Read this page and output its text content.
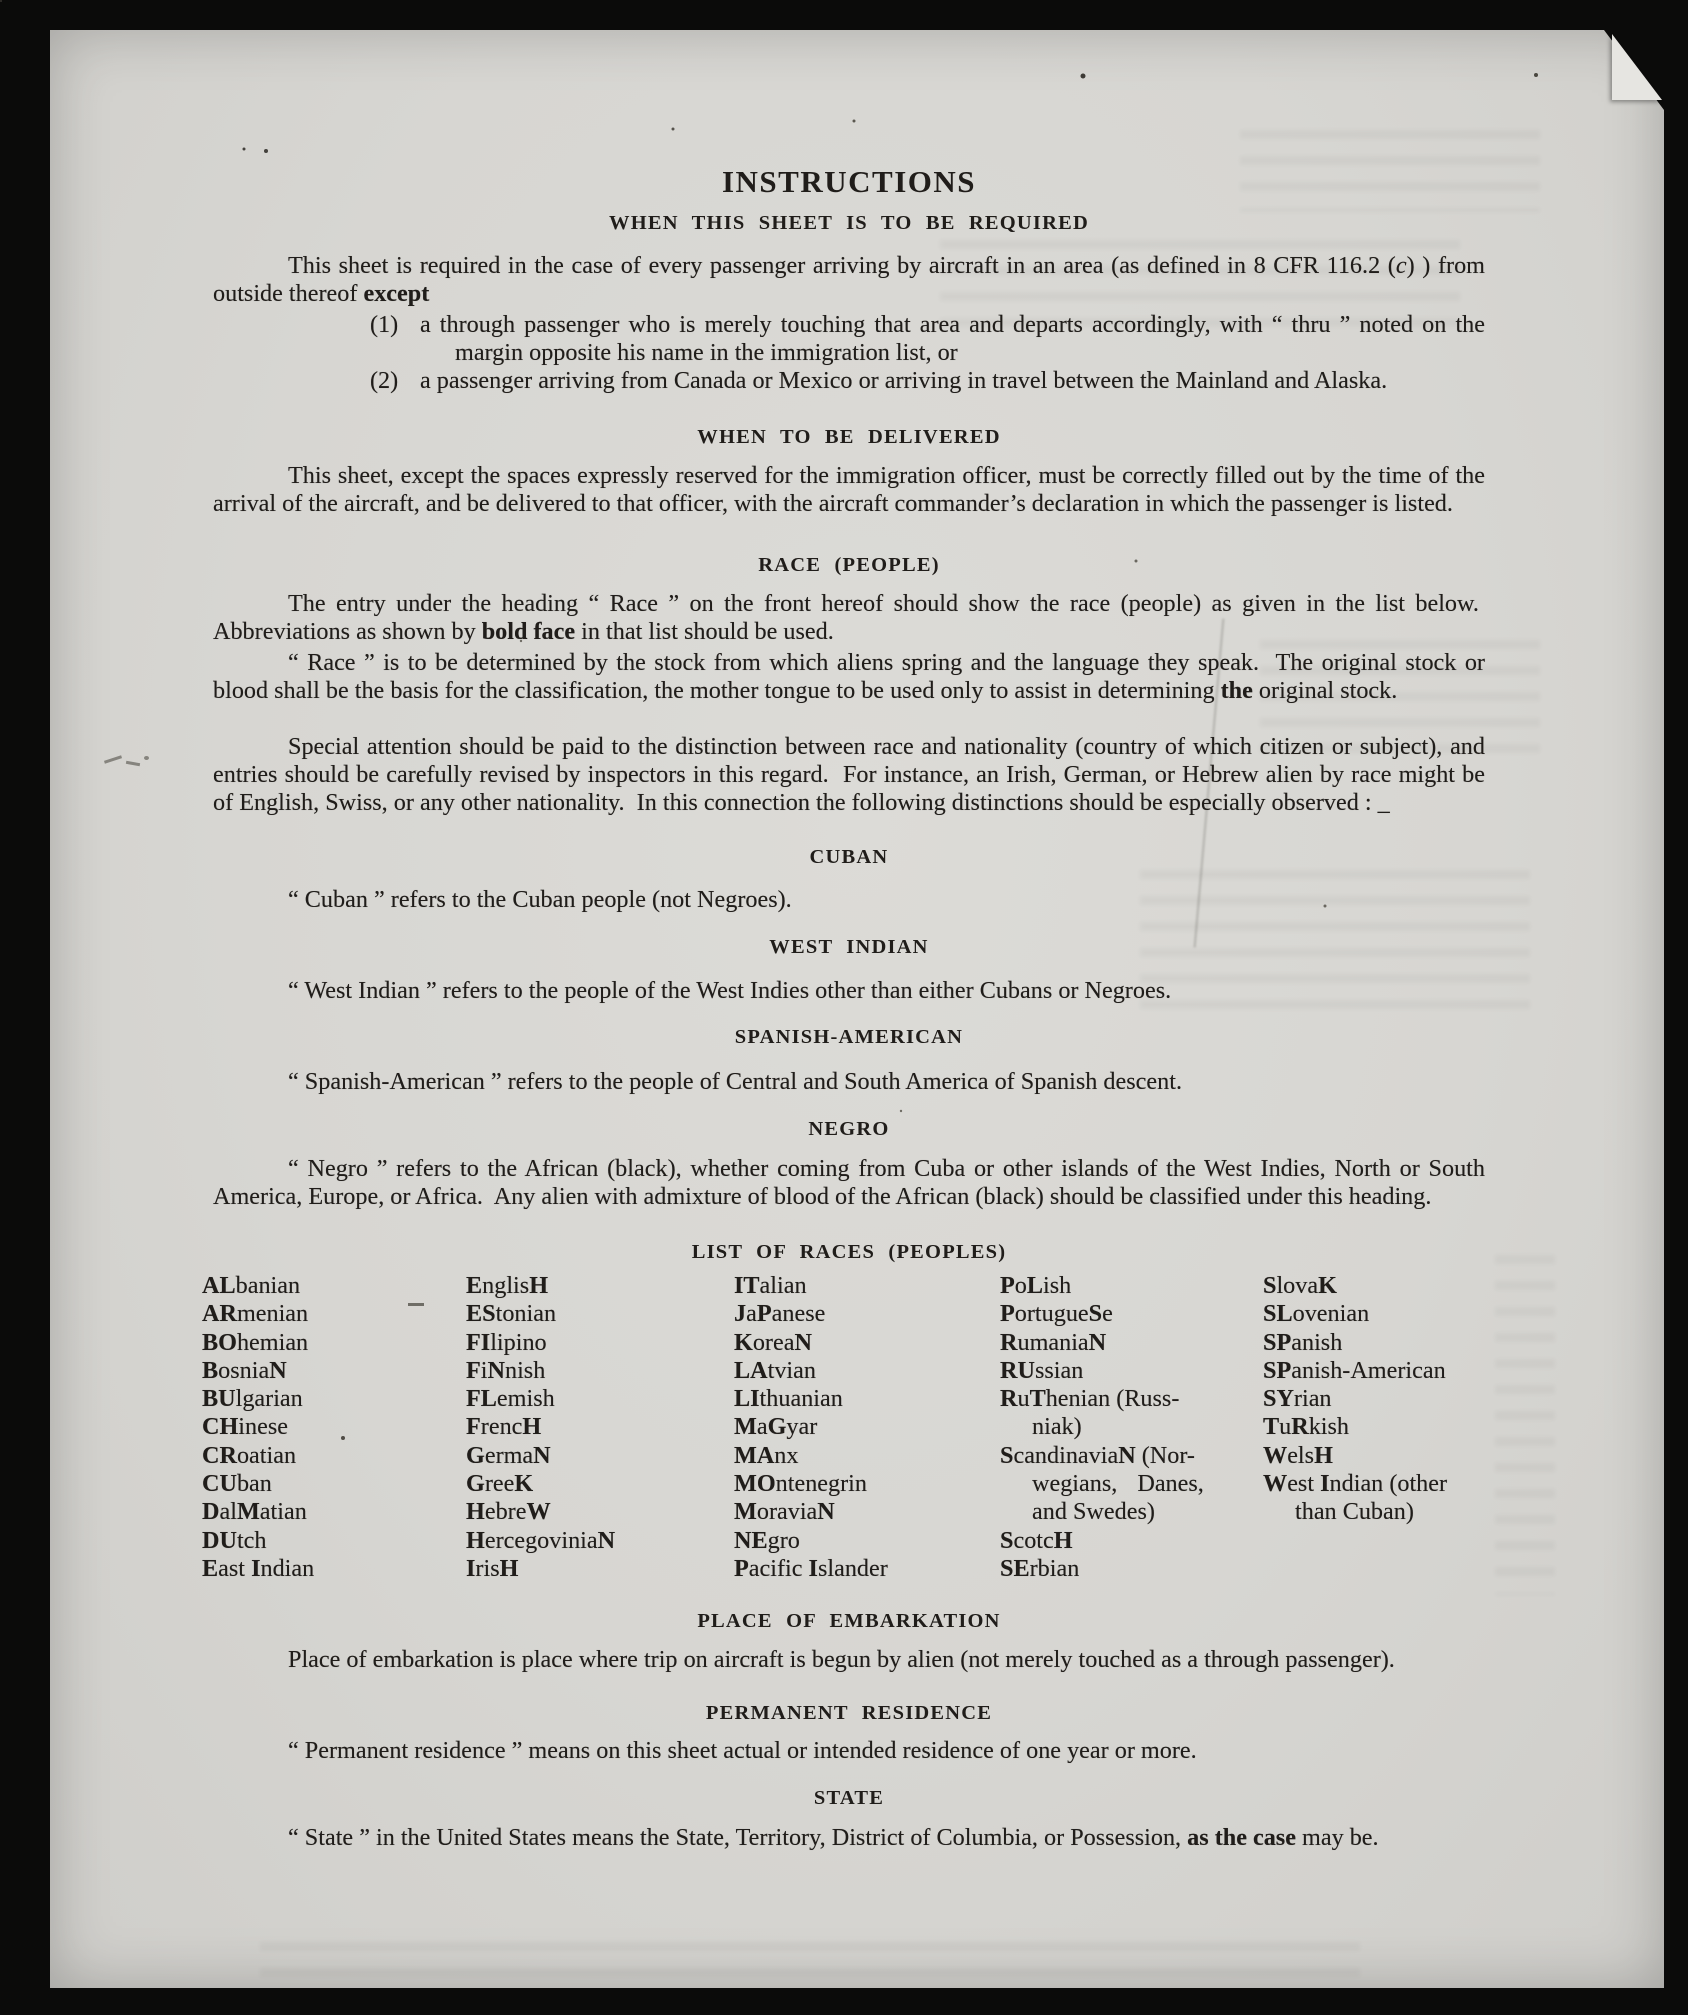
INSTRUCTIONS
WHEN THIS SHEET IS TO BE REQUIRED
This sheet is required in the case of every passenger arriving by aircraft in an area (as defined in 8 CFR 116.2 (c) ) from outside thereof except
(1) a through passenger who is merely touching that area and departs accordingly, with “ thru ” noted on the margin opposite his name in the immigration list, or
(2) a passenger arriving from Canada or Mexico or arriving in travel between the Mainland and Alaska.
WHEN TO BE DELIVERED
This sheet, except the spaces expressly reserved for the immigration officer, must be correctly filled out by the time of the arrival of the aircraft, and be delivered to that officer, with the aircraft commander’s declaration in which the passenger is listed.
RACE (PEOPLE)
The entry under the heading “ Race ” on the front hereof should show the race (people) as given in the list below.  Abbreviations as shown by bold face in that list should be used.
“ Race ” is to be determined by the stock from which aliens spring and the language they speak.  The original stock or blood shall be the basis for the classification, the mother tongue to be used only to assist in determining the original stock.
Special attention should be paid to the distinction between race and nationality (country of which citizen or subject), and entries should be carefully revised by inspectors in this regard.  For instance, an Irish, German, or Hebrew alien by race might be of English, Swiss, or any other nationality.  In this connection the following distinctions should be especially observed : _
CUBAN
“ Cuban ” refers to the Cuban people (not Negroes).
WEST INDIAN
“ West Indian ” refers to the people of the West Indies other than either Cubans or Negroes.
SPANISH-AMERICAN
“ Spanish-American ” refers to the people of Central and South America of Spanish descent.
NEGRO
“ Negro ” refers to the African (black), whether coming from Cuba or other islands of the West Indies, North or South America, Europe, or Africa.  Any alien with admixture of blood of the African (black) should be classified under this heading.
LIST OF RACES (PEOPLES)
ALbanian
ARmenian
BOhemian
BosniaN
BUlgarian
CHinese
CRoatian
CUban
DalMatian
DUtch
East Indian
EnglisH
EStonian
FIlipino
FiNnish
FLemish
FrencH
GermaN
GreeK
HebreW
HercegoviniaN
IrisH
ITalian
JaPanese
KoreaN
LAtvian
LIthuanian
MaGyar
MAnx
MOntenegrin
MoraviaN
NEgro
Pacific Islander
PoLish
PortugueSe
RumaniaN
RUssian
RuThenian (Russ-
niak)
ScandinaviaN (Nor-
wegians, Danes,
and Swedes)
ScotcH
SErbian
SlovaK
SLovenian
SPanish
SPanish-American
SYrian
TuRkish
WelsH
West Indian (other
than Cuban)
PLACE OF EMBARKATION
Place of embarkation is place where trip on aircraft is begun by alien (not merely touched as a through passenger).
PERMANENT RESIDENCE
“ Permanent residence ” means on this sheet actual or intended residence of one year or more.
STATE
“ State ” in the United States means the State, Territory, District of Columbia, or Possession, as the case may be.
